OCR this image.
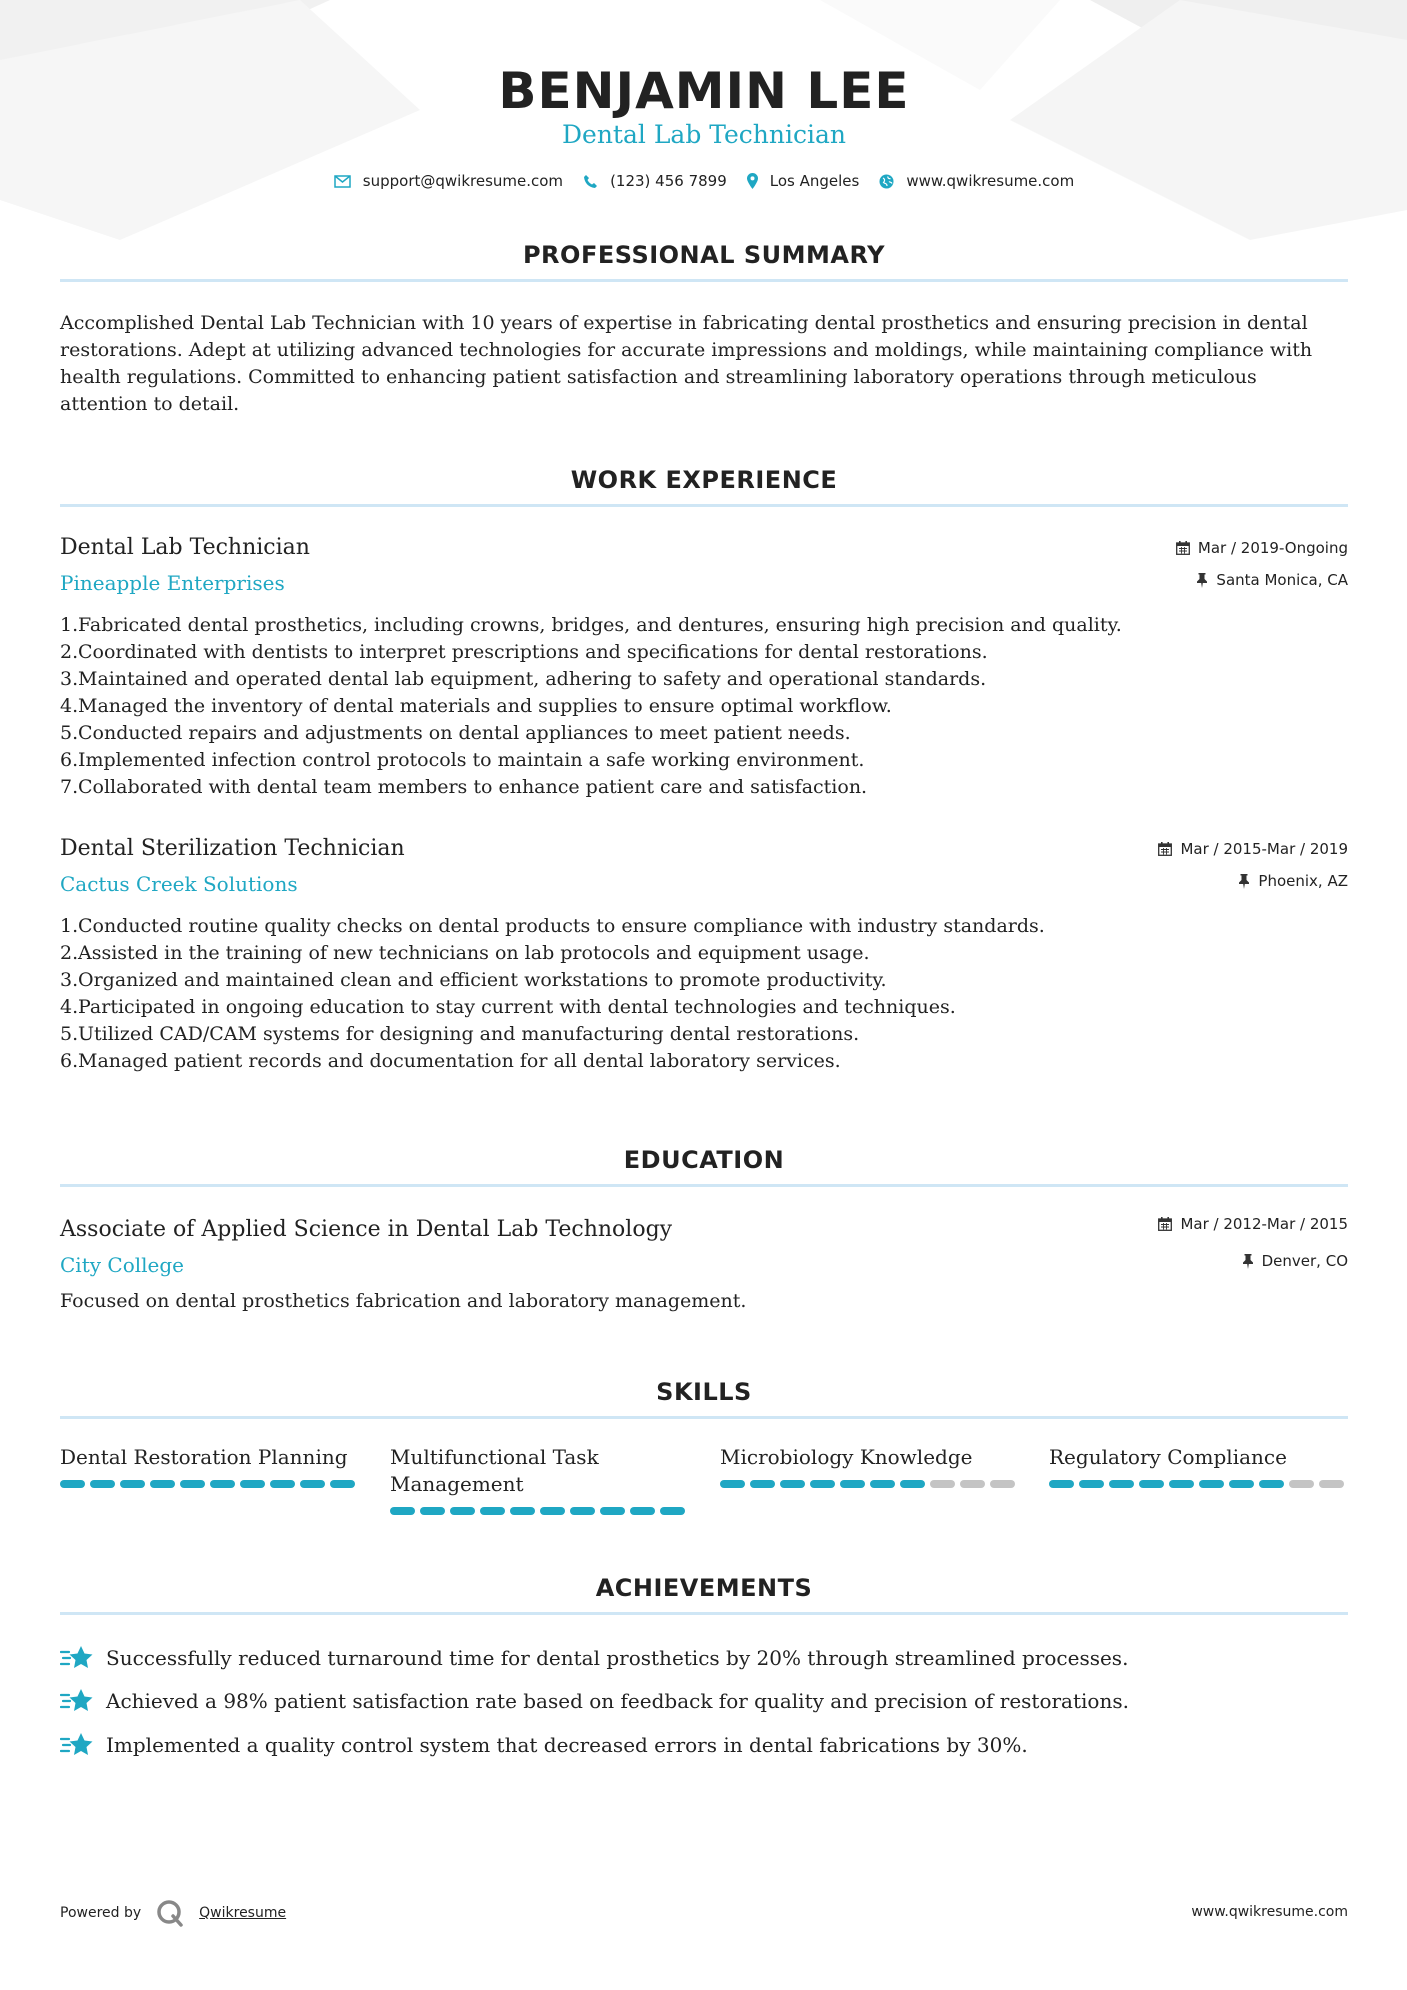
BENJAMIN LEE
Dental Lab Technician
support@qwikresume.com	(123) 456 7899	Los Angeles	www.qwikresume.com
PROFESSIONAL SUMMARY

Accomplished Dental Lab Technician with 10 years of expertise in fabricating dental prosthetics and ensuring precision in dental restorations. Adept at utilizing advanced technologies for accurate impressions and moldings, while maintaining compliance with health regulations. Committed to enhancing patient satisfaction and streamlining laboratory operations through meticulous attention to detail.

WORK EXPERIENCE
Dental Lab Technician
Pineapple Enterprises
Mar / 2019-Ongoing
Santa Monica, CA
1. Fabricated dental prosthetics, including crowns, bridges, and dentures, ensuring high precision and quality.
2. Coordinated with dentists to interpret prescriptions and specifications for dental restorations.
3. Maintained and operated dental lab equipment, adhering to safety and operational standards.
4. Managed the inventory of dental materials and supplies to ensure optimal workflow.
5. Conducted repairs and adjustments on dental appliances to meet patient needs.
6. Implemented infection control protocols to maintain a safe working environment.
7. Collaborated with dental team members to enhance patient care and satisfaction.
Dental Sterilization Technician
Cactus Creek Solutions
Mar / 2015-Mar / 2019
Phoenix, AZ
1. Conducted routine quality checks on dental products to ensure compliance with industry standards.
2. Assisted in the training of new technicians on lab protocols and equipment usage.
3. Organized and maintained clean and efficient workstations to promote productivity.
4. Participated in ongoing education to stay current with dental technologies and techniques.
5. Utilized CAD/CAM systems for designing and manufacturing dental restorations.
6. Managed patient records and documentation for all dental laboratory services.
EDUCATION
Associate of Applied Science in Dental Lab Technology
City College
Mar / 2012-Mar / 2015
Denver, CO

Focused on dental prosthetics fabrication and laboratory management.

SKILLS
Dental Restoration Planning	Multifunctional Task Management
Microbiology Knowledge	Regulatory Compliance
ACHIEVEMENTS
Successfully reduced turnaround time for dental prosthetics by 20% through streamlined processes.
Achieved a 98% patient satisfaction rate based on feedback for quality and precision of restorations.
Implemented a quality control system that decreased errors in dental fabrications by 30%.
Powered by	Qwikresume	www.qwikresume.com
